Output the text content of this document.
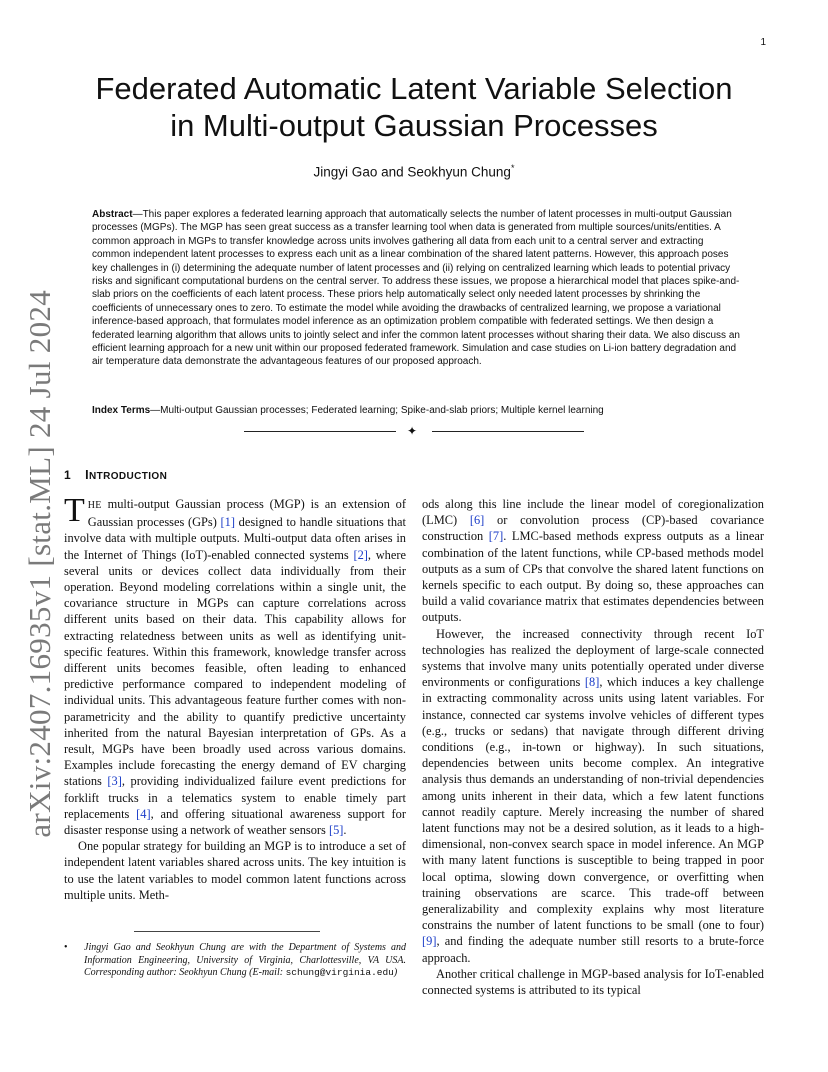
1
arXiv:2407.16935v1 [stat.ML] 24 Jul 2024
Federated Automatic Latent Variable Selection
in Multi-output Gaussian Processes
Jingyi Gao and Seokhyun Chung*
Abstract—This paper explores a federated learning approach that automatically selects the number of latent processes in multi-output Gaussian processes (MGPs). The MGP has seen great success as a transfer learning tool when data is generated from multiple sources/units/entities. A common approach in MGPs to transfer knowledge across units involves gathering all data from each unit to a central server and extracting common independent latent processes to express each unit as a linear combination of the shared latent patterns. However, this approach poses key challenges in (i) determining the adequate number of latent processes and (ii) relying on centralized learning which leads to potential privacy risks and significant computational burdens on the central server. To address these issues, we propose a hierarchical model that places spike-and-slab priors on the coefficients of each latent process. These priors help automatically select only needed latent processes by shrinking the coefficients of unnecessary ones to zero. To estimate the model while avoiding the drawbacks of centralized learning, we propose a variational inference-based approach, that formulates model inference as an optimization problem compatible with federated settings. We then design a federated learning algorithm that allows units to jointly select and infer the common latent processes without sharing their data. We also discuss an efficient learning approach for a new unit within our proposed federated framework. Simulation and case studies on Li-ion battery degradation and air temperature data demonstrate the advantageous features of our proposed approach.
Index Terms—Multi-output Gaussian processes; Federated learning; Spike-and-slab priors; Multiple kernel learning
✦
1 INTRODUCTION

THE multi-output Gaussian process (MGP) is an extension of Gaussian processes (GPs) [1] designed to handle situations that involve data with multiple outputs. Multi-output data often arises in the Internet of Things (IoT)-enabled connected systems [2], where several units or devices collect data individually from their operation. Beyond modeling correlations within a single unit, the covariance structure in MGPs can capture correlations across different units based on their data. This capability allows for extracting relatedness between units as well as identifying unit-specific features. Within this framework, knowledge transfer across different units becomes feasible, often leading to enhanced predictive performance compared to independent modeling of individual units. This advantageous feature further comes with non-parametricity and the ability to quantify predictive uncertainty inherited from the natural Bayesian interpretation of GPs. As a result, MGPs have been broadly used across various domains. Examples include forecasting the energy demand of EV charging stations [3], providing individualized failure event predictions for forklift trucks in a telematics system to enable timely part replacements [4], and offering situational awareness support for disaster response using a network of weather sensors [5].

One popular strategy for building an MGP is to introduce a set of independent latent variables shared across units. The key intuition is to use the latent variables to model common latent functions across multiple units. Meth-

ods along this line include the linear model of coregionalization (LMC) [6] or convolution process (CP)-based covariance construction [7]. LMC-based methods express outputs as a linear combination of the latent functions, while CP-based methods model outputs as a sum of CPs that convolve the shared latent functions on kernels specific to each output. By doing so, these approaches can build a valid covariance matrix that estimates dependencies between outputs.

However, the increased connectivity through recent IoT technologies has realized the deployment of large-scale connected systems that involve many units potentially operated under diverse environments or configurations [8], which induces a key challenge in extracting commonality across units using latent variables. For instance, connected car systems involve vehicles of different types (e.g., trucks or sedans) that navigate through different driving conditions (e.g., in-town or highway). In such situations, dependencies between units become complex. An integrative analysis thus demands an understanding of non-trivial dependencies among units inherent in their data, which a few latent functions cannot readily capture. Merely increasing the number of shared latent functions may not be a desired solution, as it leads to a high-dimensional, non-convex search space in model inference. An MGP with many latent functions is susceptible to being trapped in poor local optima, slowing down convergence, or overfitting when training observations are scarce. This trade-off between generalizability and complexity explains why most literature constrains the number of latent functions to be small (one to four) [9], and finding the adequate number still resorts to a brute-force approach.

Another critical challenge in MGP-based analysis for IoT-enabled connected systems is attributed to its typical

• Jingyi Gao and Seokhyun Chung are with the Department of Systems and Information Engineering, University of Virginia, Charlottesville, VA USA. Corresponding author: Seokhyun Chung (E-mail: schung@virginia.edu)
